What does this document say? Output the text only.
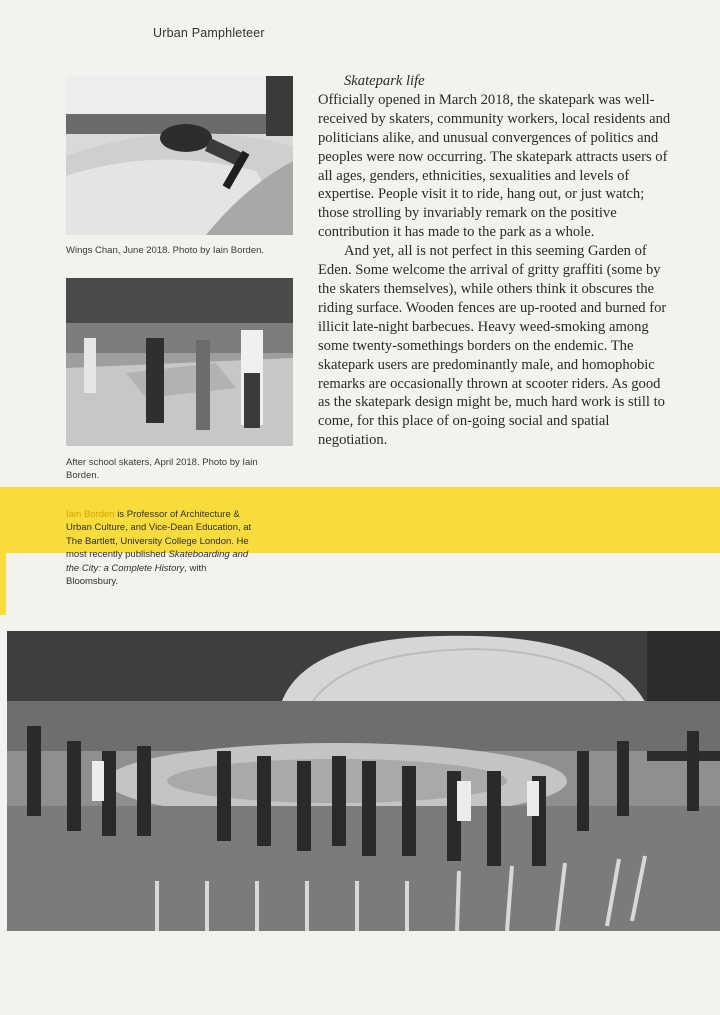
Urban Pamphleteer
Wings Chan, June 2018. Photo by Iain Borden.
After school skaters, April 2018. Photo by Iain Borden.
Iain Borden is Professor of Architecture & Urban Culture, and Vice-Dean Education, at The Bartlett, University College London. He most recently published Skateboarding and the City: a Complete History, with Bloomsbury.
Skatepark life

Officially opened in March 2018, the skatepark was well-received by skaters, community workers, local residents and politicians alike, and unusual convergences of politics and peoples were now occurring. The skatepark attracts users of all ages, genders, ethnicities, sexualities and levels of expertise. People visit it to ride, hang out, or just watch; those strolling by invariably remark on the positive contribution it has made to the park as a whole.

And yet, all is not perfect in this seeming Garden of Eden. Some welcome the arrival of gritty graffiti (some by the skaters themselves), while others think it obscures the riding surface. Wooden fences are up-rooted and burned for illicit late-night barbecues. Heavy weed-smoking among some twenty-somethings borders on the endemic. The skatepark users are predominantly male, and homophobic remarks are occasionally thrown at scooter riders. As good as the skatepark design might be, much hard work is still to come, for this place of on-going social and spatial negotiation.
